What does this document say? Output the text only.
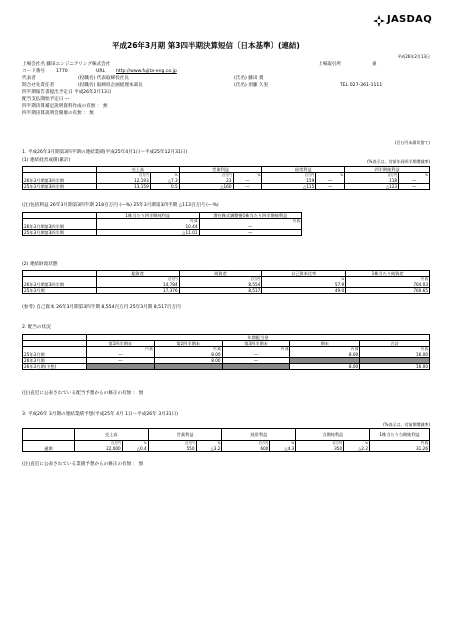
JASDAQ
平成26年3月期 第3四半期決算短信〔日本基準〕(連結)
平成26年2月13日
上場会社名 藤田エンジニアリング株式会社	上場取引所	東
コード番号 1770	URL http://www.fujita-eng.co.jp
代表者	(役職名) 代表取締役社長	(氏名) 藤田 實
問合せ先責任者	(役職名) 取締役企画経理本部長	(氏名) 須藤 久実	TEL 027-361-1111
四半期報告書提出予定日 平成26年2月13日
配当支払開始予定日 ―
四半期決算補足説明資料作成の有無 ： 無
四半期決算説明会開催の有無 ： 無
(百万円未満切捨て)
1. 平成26年3月期第3四半期の連結業績(平成25年4月1日～平成25年12月31日)
(1) 連結経営成績(累計)	(%表示は、対前年同四半期増減率)
	売上高		営業利益		経常利益		四半期純利益	
	百万円	%	百万円	%	百万円	%	百万円	%
26年3月期第3四半期	12,193	△7.3	23	―	159	―	118	―
25年3月期第3四半期	13,159	0.5	△160	―	△115	―	△123	―
(注)包括利益 26年3月期第3四半期 218百万円 (―%) 25年3月期第3四半期 △113百万円 (―%)
	1株当たり四半期純利益	潜在株式調整後1株当たり四半期純利益
	円 銭	円 銭
26年3月期第3四半期	10.44	―
25年3月期第3四半期	△11.01	―
(2) 連結財政状態
	総資産	純資産	自己資本比率	1株当たり純資産
	百万円	百万円	%	円 銭
26年3月期第3四半期	14,784	8,554	57.9	764.03
25年3月期	17,376	8,517	49.0	760.65
(参考) 自己資本 26年3月期第3四半期 8,554百万円 25年3月期 8,517百万円
2. 配当の状況
	年間配当金				
	第1四半期末	第2四半期末	第3四半期末	期末	合計
	円 銭	円 銭	円 銭	円 銭	円 銭
25年3月期	―	8.00	―	8.00	16.00
26年3月期	―	8.00	―		
26年3月期(予想)				8.00	16.00
(注)直近に公表されている配当予想からの修正の有無 ： 無
3. 平成26年 3月期の連結業績予想(平成25年 4月 1日～平成26年 3月31日)
(%表示は、対前期増減率)
	売上高		営業利益		経常利益		当期純利益		1株当たり当期純利益
	百万円	%	百万円	%	百万円	%	百万円	%	円 銭
通期	22,000	△0.4	550	△3.2	600	△4.3	350	△2.2	31.26
(注)直近に公表されている業績予想からの修正の有無 ： 無
